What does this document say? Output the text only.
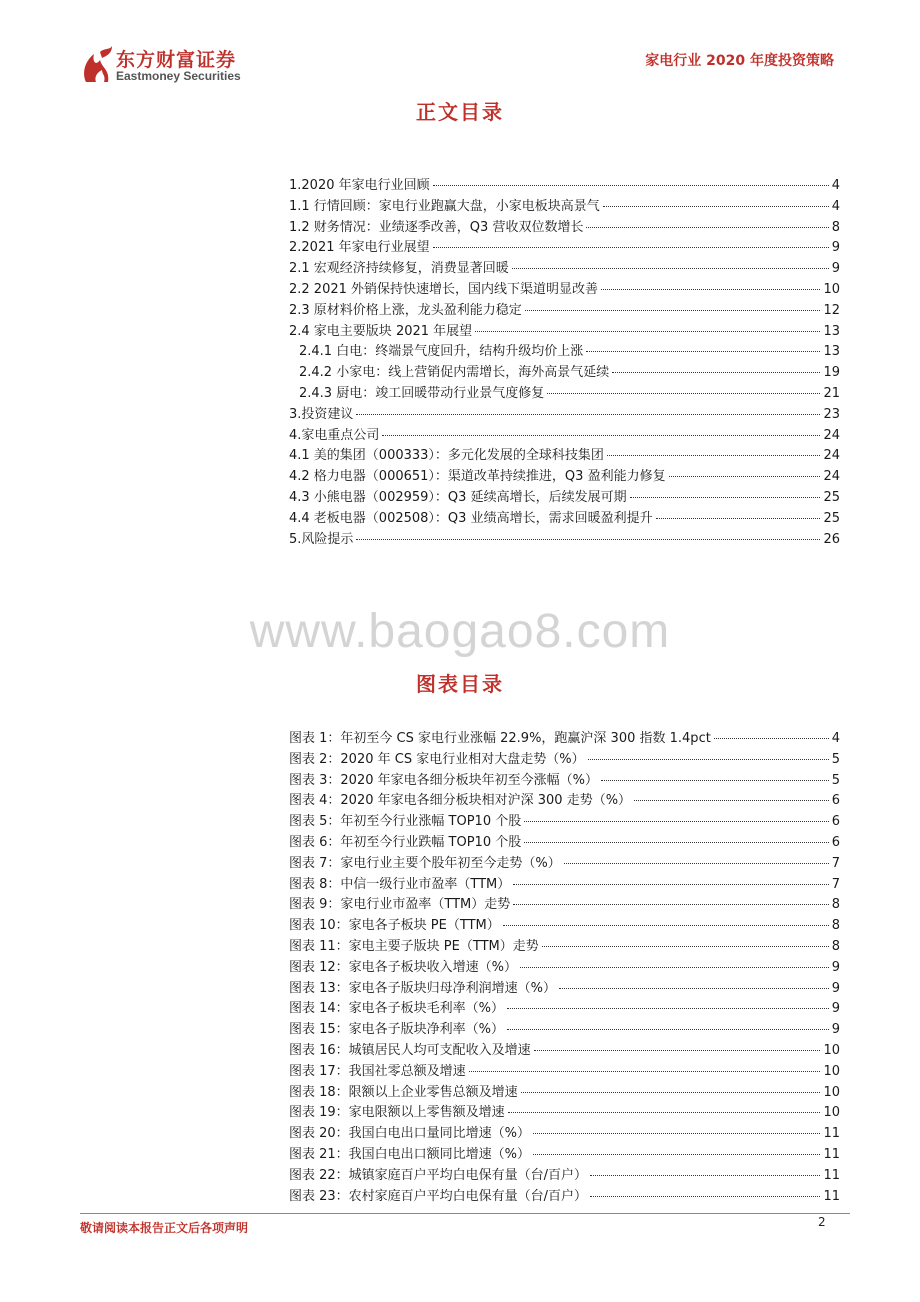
东方财富证券
Eastmoney Securities
家电行业 2020 年度投资策略
正文目录
1.2020 年家电行业回顾	4
1.1 行情回顾：家电行业跑赢大盘，小家电板块高景气	4
1.2 财务情况：业绩逐季改善，Q3 营收双位数增长	8
2.2021 年家电行业展望	9
2.1 宏观经济持续修复，消费显著回暖	9
2.2 2021 外销保持快速增长，国内线下渠道明显改善	10
2.3 原材料价格上涨，龙头盈利能力稳定	12
2.4 家电主要版块 2021 年展望	13
2.4.1 白电：终端景气度回升，结构升级均价上涨	13
2.4.2 小家电：线上营销促内需增长，海外高景气延续	19
2.4.3 厨电：竣工回暖带动行业景气度修复	21
3.投资建议	23
4.家电重点公司	24
4.1 美的集团（000333）：多元化发展的全球科技集团	24
4.2 格力电器（000651）：渠道改革持续推进，Q3 盈利能力修复	24
4.3 小熊电器（002959）：Q3 延续高增长，后续发展可期	25
4.4 老板电器（002508）：Q3 业绩高增长，需求回暖盈利提升	25
5.风险提示	26
www.baogao8.com
图表目录
图表 1：年初至今 CS 家电行业涨幅 22.9%，跑赢沪深 300 指数 1.4pct	4
图表 2：2020 年 CS 家电行业相对大盘走势（%）	5
图表 3：2020 年家电各细分板块年初至今涨幅（%）	5
图表 4：2020 年家电各细分板块相对沪深 300 走势（%）	6
图表 5：年初至今行业涨幅 TOP10 个股	6
图表 6：年初至今行业跌幅 TOP10 个股	6
图表 7：家电行业主要个股年初至今走势（%）	7
图表 8：中信一级行业市盈率（TTM）	7
图表 9：家电行业市盈率（TTM）走势	8
图表 10：家电各子板块 PE（TTM）	8
图表 11：家电主要子版块 PE（TTM）走势	8
图表 12：家电各子板块收入增速（%）	9
图表 13：家电各子版块归母净利润增速（%）	9
图表 14：家电各子板块毛利率（%）	9
图表 15：家电各子版块净利率（%）	9
图表 16：城镇居民人均可支配收入及增速	10
图表 17：我国社零总额及增速	10
图表 18：限额以上企业零售总额及增速	10
图表 19：家电限额以上零售额及增速	10
图表 20：我国白电出口量同比增速（%）	11
图表 21：我国白电出口额同比增速（%）	11
图表 22：城镇家庭百户平均白电保有量（台/百户）	11
图表 23：农村家庭百户平均白电保有量（台/百户）	11
敬请阅读本报告正文后各项声明	2
